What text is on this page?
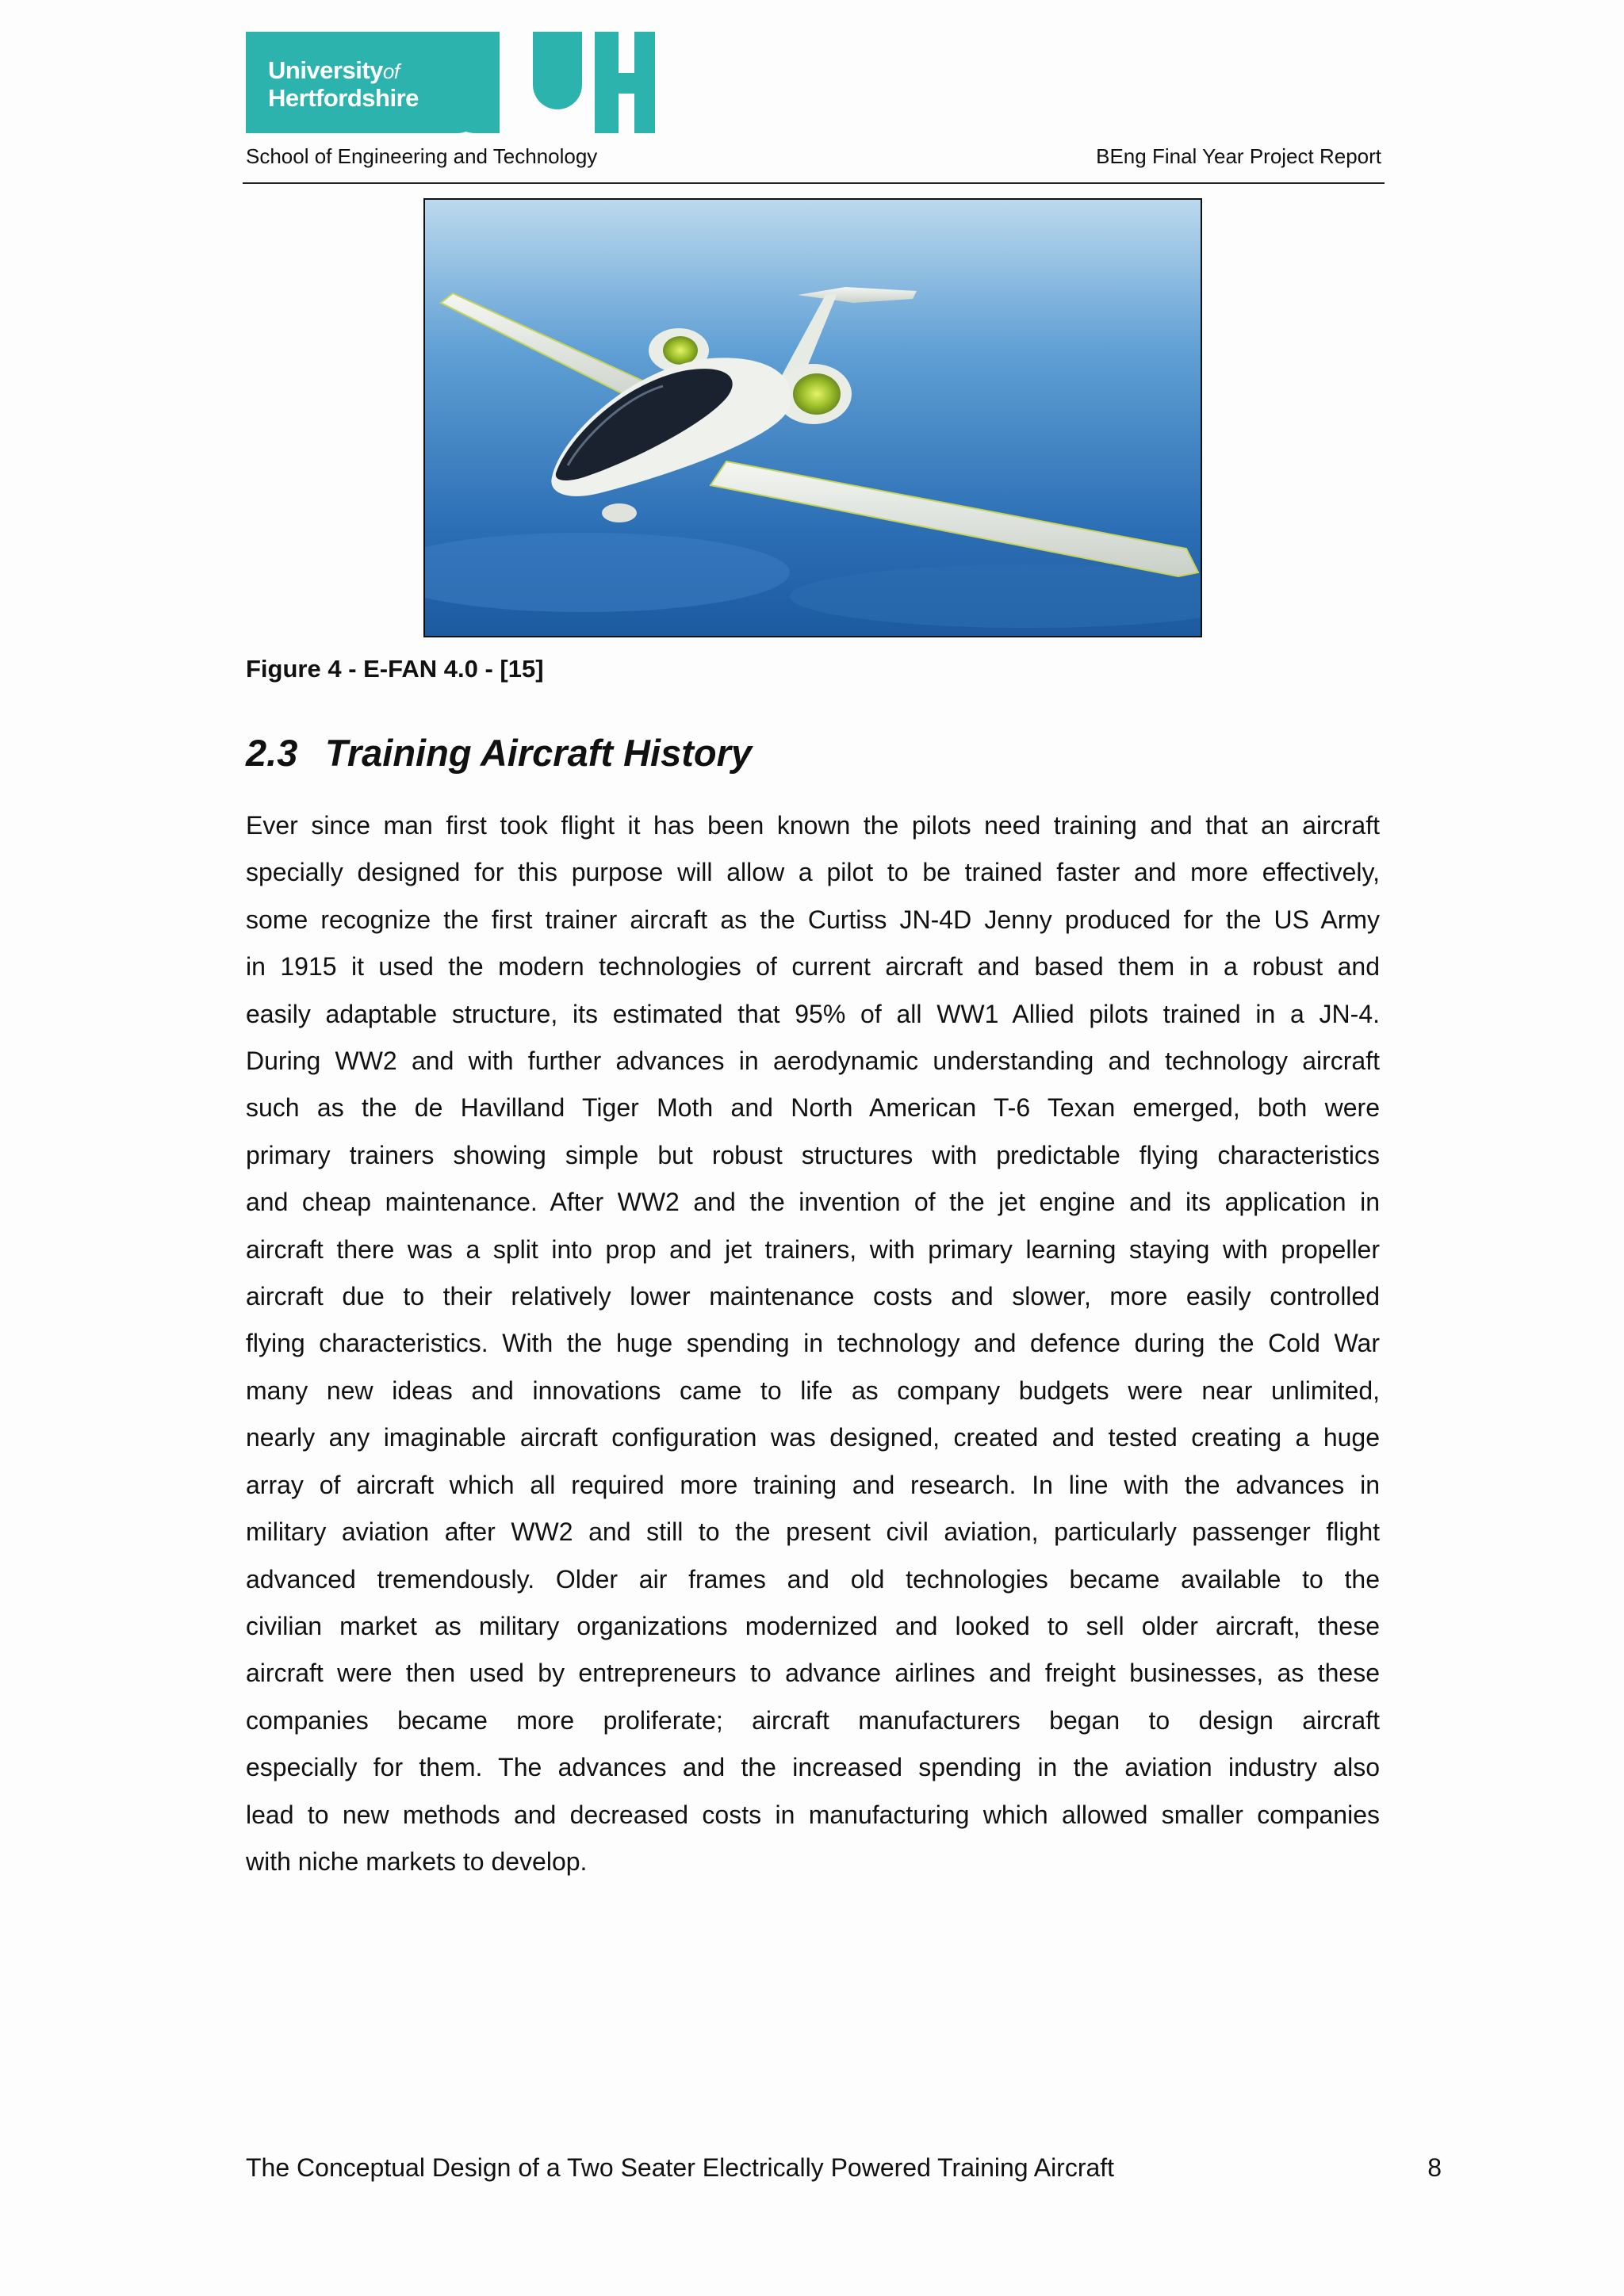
Universityof
Hertfordshire
School of Engineering and Technology	BEng Final Year Project Report
Figure 4 - E-FAN 4.0 - [15]
2.3 Training Aircraft History
Ever since man first took flight it has been known the pilots need training and that an aircraft
specially designed for this purpose will allow a pilot to be trained faster and more effectively,
some recognize the first trainer aircraft as the Curtiss JN-4D Jenny produced for the US Army
in 1915 it used the modern technologies of current aircraft and based them in a robust and
easily adaptable structure, its estimated that 95% of all WW1 Allied pilots trained in a JN-4.
During WW2 and with further advances in aerodynamic understanding and technology aircraft
such as the de Havilland Tiger Moth and North American T-6 Texan emerged, both were
primary trainers showing simple but robust structures with predictable flying characteristics
and cheap maintenance. After WW2 and the invention of the jet engine and its application in
aircraft there was a split into prop and jet trainers, with primary learning staying with propeller
aircraft due to their relatively lower maintenance costs and slower, more easily controlled
flying characteristics. With the huge spending in technology and defence during the Cold War
many new ideas and innovations came to life as company budgets were near unlimited,
nearly any imaginable aircraft configuration was designed, created and tested creating a huge
array of aircraft which all required more training and research. In line with the advances in
military aviation after WW2 and still to the present civil aviation, particularly passenger flight
advanced tremendously. Older air frames and old technologies became available to the
civilian market as military organizations modernized and looked to sell older aircraft, these
aircraft were then used by entrepreneurs to advance airlines and freight businesses, as these
companies became more proliferate; aircraft manufacturers began to design aircraft
especially for them. The advances and the increased spending in the aviation industry also
lead to new methods and decreased costs in manufacturing which allowed smaller companies
with niche markets to develop.
The Conceptual Design of a Two Seater Electrically Powered Training Aircraft	8
